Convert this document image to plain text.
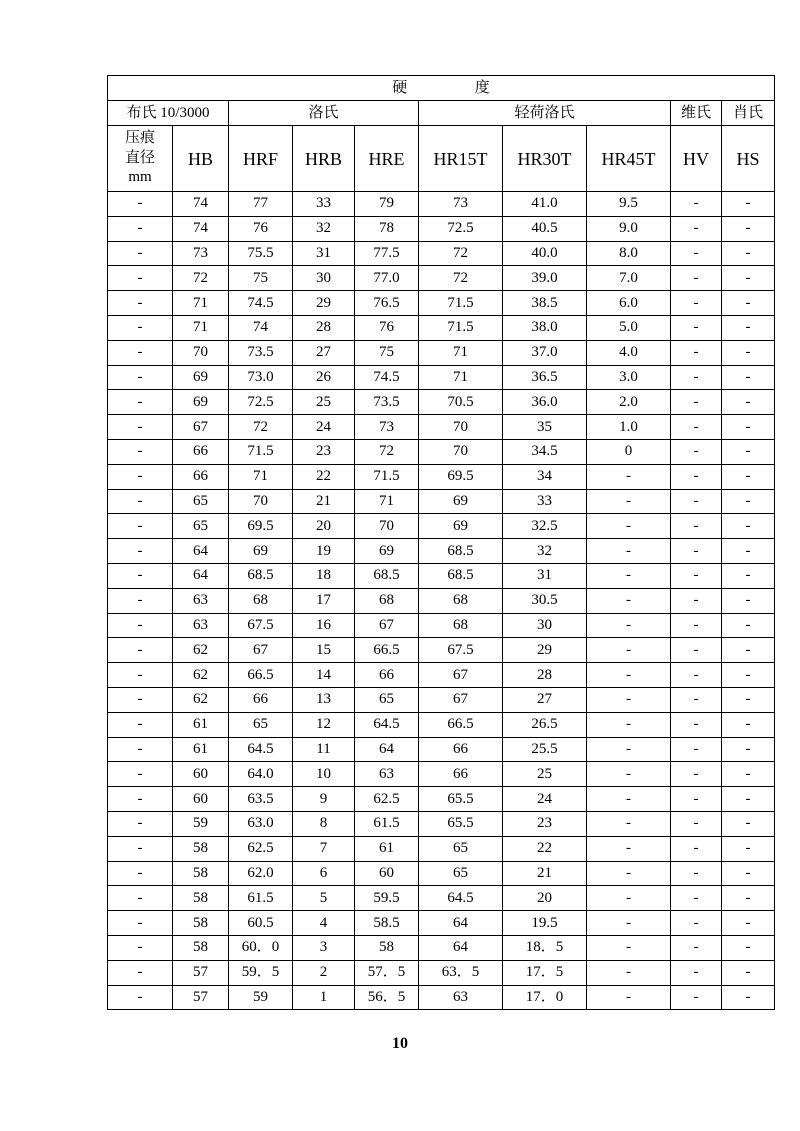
硬                  度									
布氏 10/3000		洛氏			轻荷洛氏			维氏	肖氏
压痕
直径
mm	HB	HRF	HRB	HRE	HR15T	HR30T	HR45T	HV	HS
-	74	77	33	79	73	41.0	9.5	-	-
-	74	76	32	78	72.5	40.5	9.0	-	-
-	73	75.5	31	77.5	72	40.0	8.0	-	-
-	72	75	30	77.0	72	39.0	7.0	-	-
-	71	74.5	29	76.5	71.5	38.5	6.0	-	-
-	71	74	28	76	71.5	38.0	5.0	-	-
-	70	73.5	27	75	71	37.0	4.0	-	-
-	69	73.0	26	74.5	71	36.5	3.0	-	-
-	69	72.5	25	73.5	70.5	36.0	2.0	-	-
-	67	72	24	73	70	35	1.0	-	-
-	66	71.5	23	72	70	34.5	0	-	-
-	66	71	22	71.5	69.5	34	-	-	-
-	65	70	21	71	69	33	-	-	-
-	65	69.5	20	70	69	32.5	-	-	-
-	64	69	19	69	68.5	32	-	-	-
-	64	68.5	18	68.5	68.5	31	-	-	-
-	63	68	17	68	68	30.5	-	-	-
-	63	67.5	16	67	68	30	-	-	-
-	62	67	15	66.5	67.5	29	-	-	-
-	62	66.5	14	66	67	28	-	-	-
-	62	66	13	65	67	27	-	-	-
-	61	65	12	64.5	66.5	26.5	-	-	-
-	61	64.5	11	64	66	25.5	-	-	-
-	60	64.0	10	63	66	25	-	-	-
-	60	63.5	9	62.5	65.5	24	-	-	-
-	59	63.0	8	61.5	65.5	23	-	-	-
-	58	62.5	7	61	65	22	-	-	-
-	58	62.0	6	60	65	21	-	-	-
-	58	61.5	5	59.5	64.5	20	-	-	-
-	58	60.5	4	58.5	64	19.5	-	-	-
-	58	60．0	3	58	64	18．5	-	-	-
-	57	59．5	2	57．5	63．5	17．5	-	-	-
-	57	59	1	56．5	63	17．0	-	-	-
10
